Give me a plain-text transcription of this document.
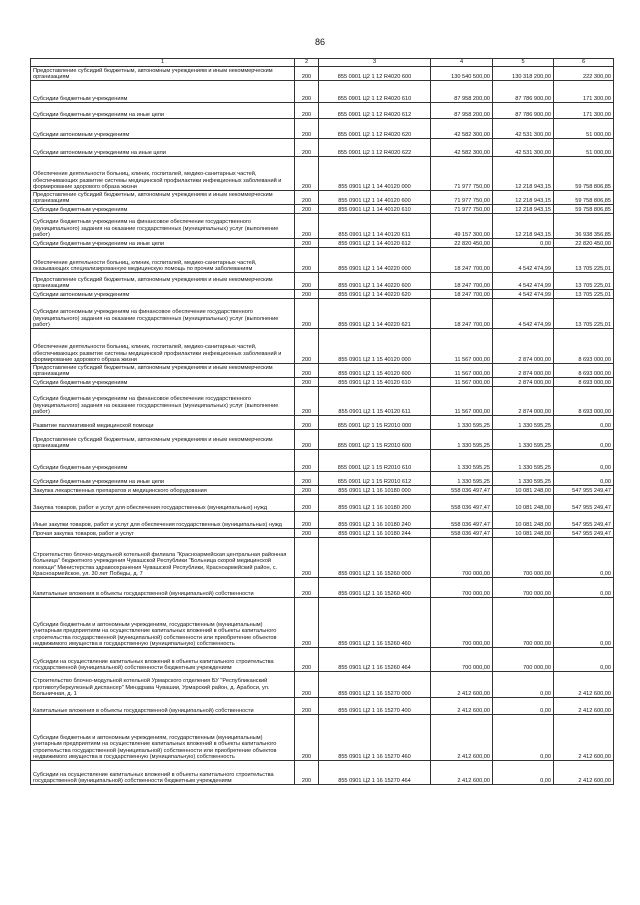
86
1	2	3	4	5	6
Предоставление субсидий бюджетным, автономным учреждениям и иным некоммерческим организациям	200	855 0901 Ц2 1 12 R4020 600	130 540 500,00	130 318 200,00	222 300,00
Субсидии бюджетным учреждениям	200	855 0901 Ц2 1 12 R4020 610	87 958 200,00	87 786 900,00	171 300,00
Субсидии бюджетным учреждениям на иные цели	200	855 0901 Ц2 1 12 R4020 612	87 958 200,00	87 786 900,00	171 300,00
Субсидии автономным учреждениям	200	855 0901 Ц2 1 12 R4020 620	42 582 300,00	42 531 300,00	51 000,00
Субсидии автономным учреждениям на иные цели	200	855 0901 Ц2 1 12 R4020 622	42 582 300,00	42 531 300,00	51 000,00
Обеспечение деятельности больниц, клиник, госпиталей, медико-санитарных частей, обеспечивающих развитие системы медицинской профилактики инфекционных заболеваний и формирование здорового образа жизни	200	855 0901 Ц2 1 14 40120 000	71 977 750,00	12 218 943,15	59 758 806,85
Предоставление субсидий бюджетным, автономным учреждениям и иным некоммерческим организациям	200	855 0901 Ц2 1 14 40120 600	71 977 750,00	12 218 943,15	59 758 806,85
Субсидии бюджетным учреждениям	200	855 0901 Ц2 1 14 40120 610	71 977 750,00	12 218 943,15	59 758 806,85
Субсидии бюджетным учреждениям на финансовое обеспечение государственного (муниципального) задания на оказание государственных (муниципальных) услуг (выполнение работ)	200	855 0901 Ц2 1 14 40120 611	49 157 300,00	12 218 943,15	36 938 356,85
Субсидии бюджетным учреждениям на иные цели	200	855 0901 Ц2 1 14 40120 612	22 820 450,00	0,00	22 820 450,00
Обеспечение деятельности больниц, клиник, госпиталей, медико-санитарных частей, оказывающих специализированную медицинскую помощь по прочим заболеваниям	200	855 0901 Ц2 1 14 40220 000	18 247 700,00	4 542 474,99	13 705 225,01
Предоставление субсидий бюджетным, автономным учреждениям и иным некоммерческим организациям	200	855 0901 Ц2 1 14 40220 600	18 247 700,00	4 542 474,99	13 705 225,01
Субсидии автономным учреждениям	200	855 0901 Ц2 1 14 40220 620	18 247 700,00	4 542 474,99	13 705 225,01
Субсидии автономным учреждениям на финансовое обеспечение государственного (муниципального) задания на оказание государственных (муниципальных) услуг (выполнение работ)	200	855 0901 Ц2 1 14 40220 621	18 247 700,00	4 542 474,99	13 705 225,01
Обеспечение деятельности больниц, клиник, госпиталей, медико-санитарных частей, обеспечивающих развитие системы медицинской профилактики инфекционных заболеваний и формирование здорового образа жизни	200	855 0901 Ц2 1 15 40120 000	11 567 000,00	2 874 000,00	8 693 000,00
Предоставление субсидий бюджетным, автономным учреждениям и иным некоммерческим организациям	200	855 0901 Ц2 1 15 40120 600	11 567 000,00	2 874 000,00	8 693 000,00
Субсидии бюджетным учреждениям	200	855 0901 Ц2 1 15 40120 610	11 567 000,00	2 874 000,00	8 693 000,00
Субсидии бюджетным учреждениям на финансовое обеспечение государственного (муниципального) задания на оказание государственных (муниципальных) услуг (выполнение работ)	200	855 0901 Ц2 1 15 40120 611	11 567 000,00	2 874 000,00	8 693 000,00
Развитие паллиативной медицинской помощи	200	855 0901 Ц2 1 15 R2010 000	1 330 595,25	1 330 595,25	0,00
Предоставление субсидий бюджетным, автономным учреждениям и иным некоммерческим организациям	200	855 0901 Ц2 1 15 R2010 600	1 330 595,25	1 330 595,25	0,00
Субсидии бюджетным учреждениям	200	855 0901 Ц2 1 15 R2010 610	1 330 595,25	1 330 595,25	0,00
Субсидии бюджетным учреждениям на иные цели	200	855 0901 Ц2 1 15 R2010 612	1 330 595,25	1 330 595,25	0,00
Закупка лекарственных препаратов и медицинского оборудования	200	855 0901 Ц2 1 16 10180 000	558 036 497,47	10 081 248,00	547 955 249,47
Закупка товаров, работ и услуг для обеспечения государственных (муниципальных) нужд	200	855 0901 Ц2 1 16 10180 200	558 036 497,47	10 081 248,00	547 955 249,47
Иные закупки товаров, работ и услуг для обеспечения государственных (муниципальных) нужд	200	855 0901 Ц2 1 16 10180 240	558 036 497,47	10 081 248,00	547 955 249,47
Прочая закупка товаров, работ и услуг	200	855 0901 Ц2 1 16 10180 244	558 036 497,47	10 081 248,00	547 955 249,47
Строительство блочно-модульной котельной филиала "Красноармейская центральная районная больница" бюджетного учреждения Чувашской Республики "Больница скорой медицинской помощи" Министерства здравоохранения Чувашской Республики, Красноармейский район, с. Красноармейское, ул. 30 лет Победы, д. 7	200	855 0901 Ц2 1 16 15260 000	700 000,00	700 000,00	0,00
Капитальные вложения в объекты государственной (муниципальной) собственности	200	855 0901 Ц2 1 16 15260 400	700 000,00	700 000,00	0,00
Субсидии бюджетным и автономным учреждениям, государственным (муниципальным) унитарным предприятиям на осуществление капитальных вложений в объекты капитального строительства государственной (муниципальной) собственности или приобретение объектов недвижимого имущества в государственную (муниципальную) собственность	200	855 0901 Ц2 1 16 15260 460	700 000,00	700 000,00	0,00
Субсидии на осуществление капитальных вложений в объекты капитального строительства государственной (муниципальной) собственности бюджетным учреждениям	200	855 0901 Ц2 1 16 15260 464	700 000,00	700 000,00	0,00
Строительство блочно-модульной котельной Урмарского отделения БУ "Республиканский противотуберкулезный диспансер" Минздрава Чувашии, Урмарский район, д. Арабоси, ул. Больничная, д. 1	200	855 0901 Ц2 1 16 15270 000	2 412 600,00	0,00	2 412 600,00
Капитальные вложения в объекты государственной (муниципальной) собственности	200	855 0901 Ц2 1 16 15270 400	2 412 600,00	0,00	2 412 600,00
Субсидии бюджетным и автономным учреждениям, государственным (муниципальным) унитарным предприятиям на осуществление капитальных вложений в объекты капитального строительства государственной (муниципальной) собственности или приобретение объектов недвижимого имущества в государственную (муниципальную) собственность	200	855 0901 Ц2 1 16 15270 460	2 412 600,00	0,00	2 412 600,00
Субсидии на осуществление капитальных вложений в объекты капитального строительства государственной (муниципальной) собственности бюджетным учреждениям	200	855 0901 Ц2 1 16 15270 464	2 412 600,00	0,00	2 412 600,00
